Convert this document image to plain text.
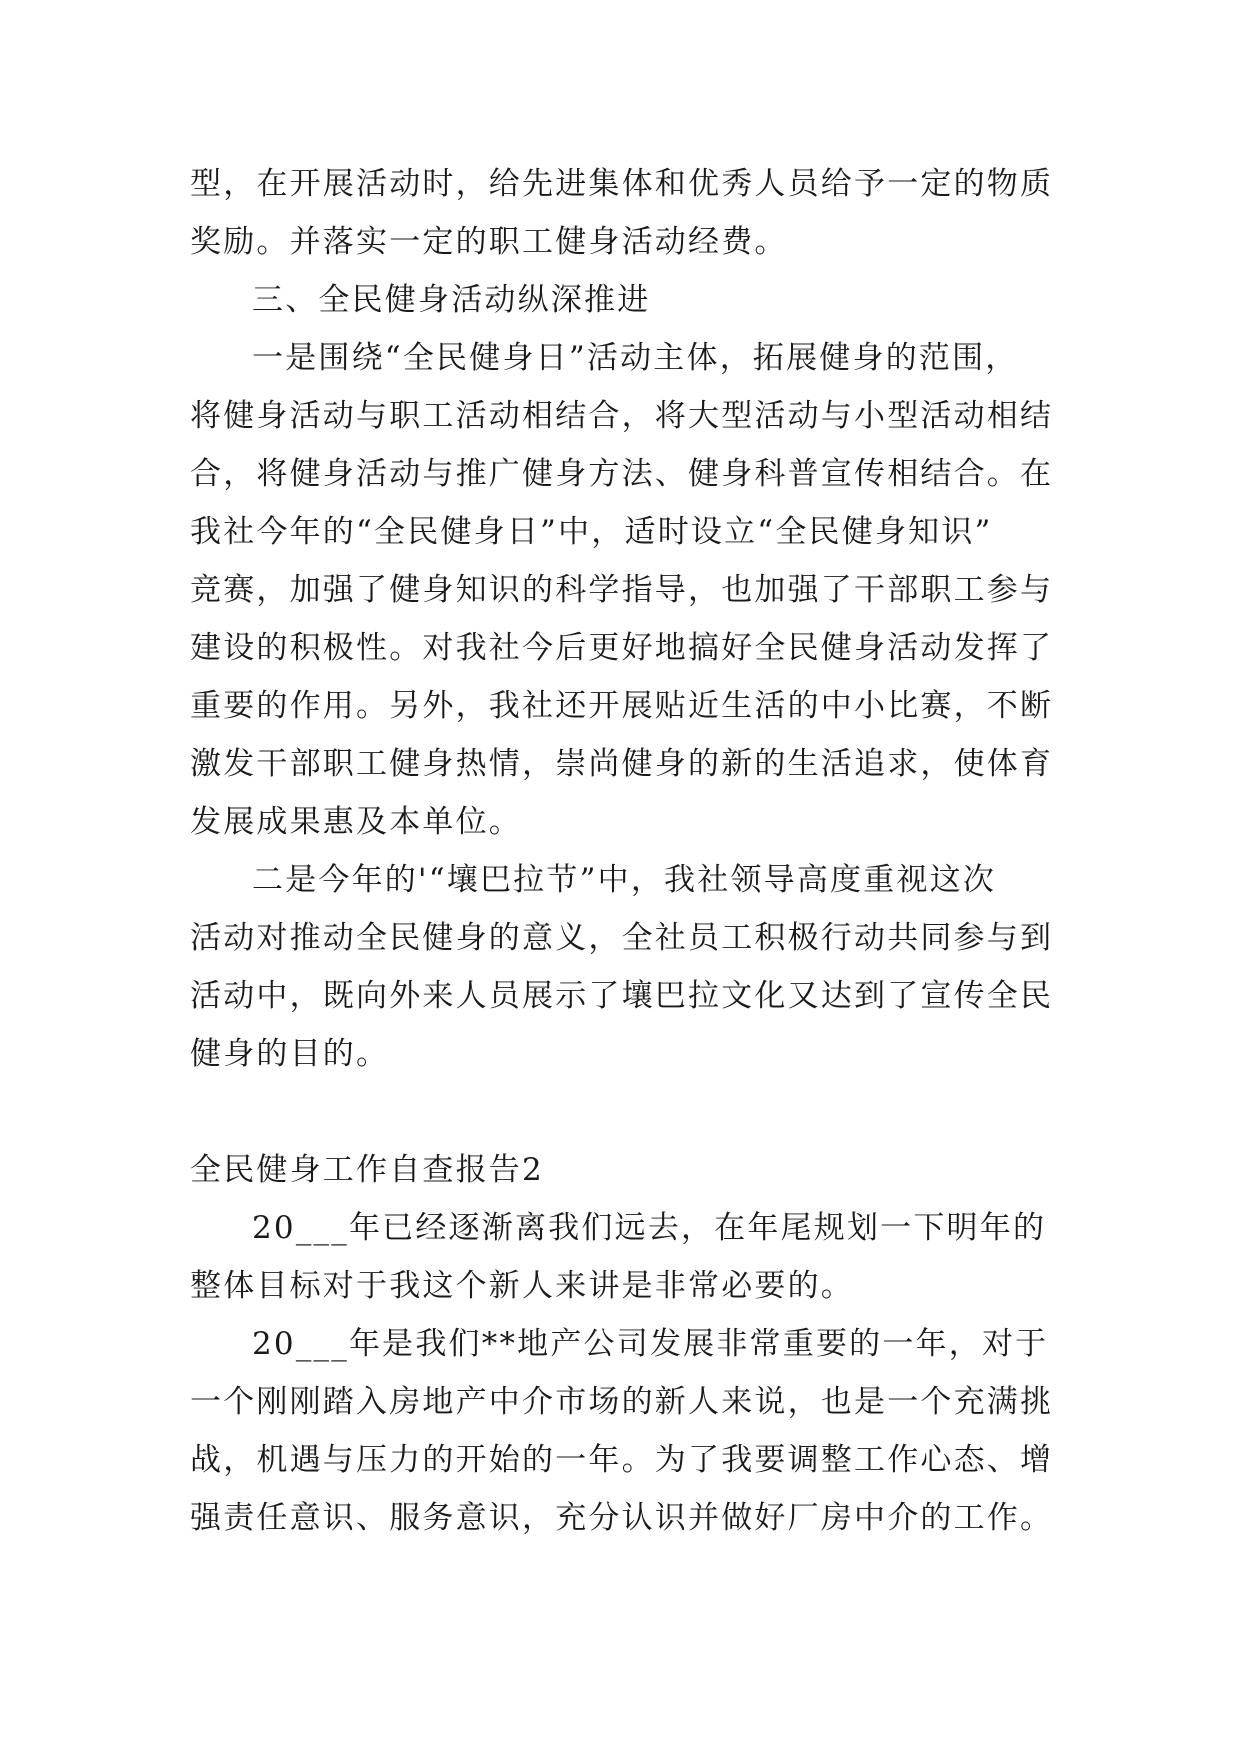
型，在开展活动时，给先进集体和优秀人员给予一定的物质
奖励。并落实一定的职工健身活动经费。
三、全民健身活动纵深推进
一是围绕“全民健身日”活动主体，拓展健身的范围，
将健身活动与职工活动相结合，将大型活动与小型活动相结
合，将健身活动与推广健身方法、健身科普宣传相结合。在
我社今年的“全民健身日”中，适时设立“全民健身知识”
竞赛，加强了健身知识的科学指导，也加强了干部职工参与
建设的积极性。对我社今后更好地搞好全民健身活动发挥了
重要的作用。另外，我社还开展贴近生活的中小比赛，不断
激发干部职工健身热情，崇尚健身的新的生活追求，使体育
发展成果惠及本单位。
二是今年的'“壤巴拉节”中，我社领导高度重视这次
活动对推动全民健身的意义，全社员工积极行动共同参与到
活动中，既向外来人员展示了壤巴拉文化又达到了宣传全民
健身的目的。
全民健身工作自查报告2
20___年已经逐渐离我们远去，在年尾规划一下明年的
整体目标对于我这个新人来讲是非常必要的。
20___年是我们**地产公司发展非常重要的一年，对于
一个刚刚踏入房地产中介市场的新人来说，也是一个充满挑
战，机遇与压力的开始的一年。为了我要调整工作心态、增
强责任意识、服务意识，充分认识并做好厂房中介的工作。
